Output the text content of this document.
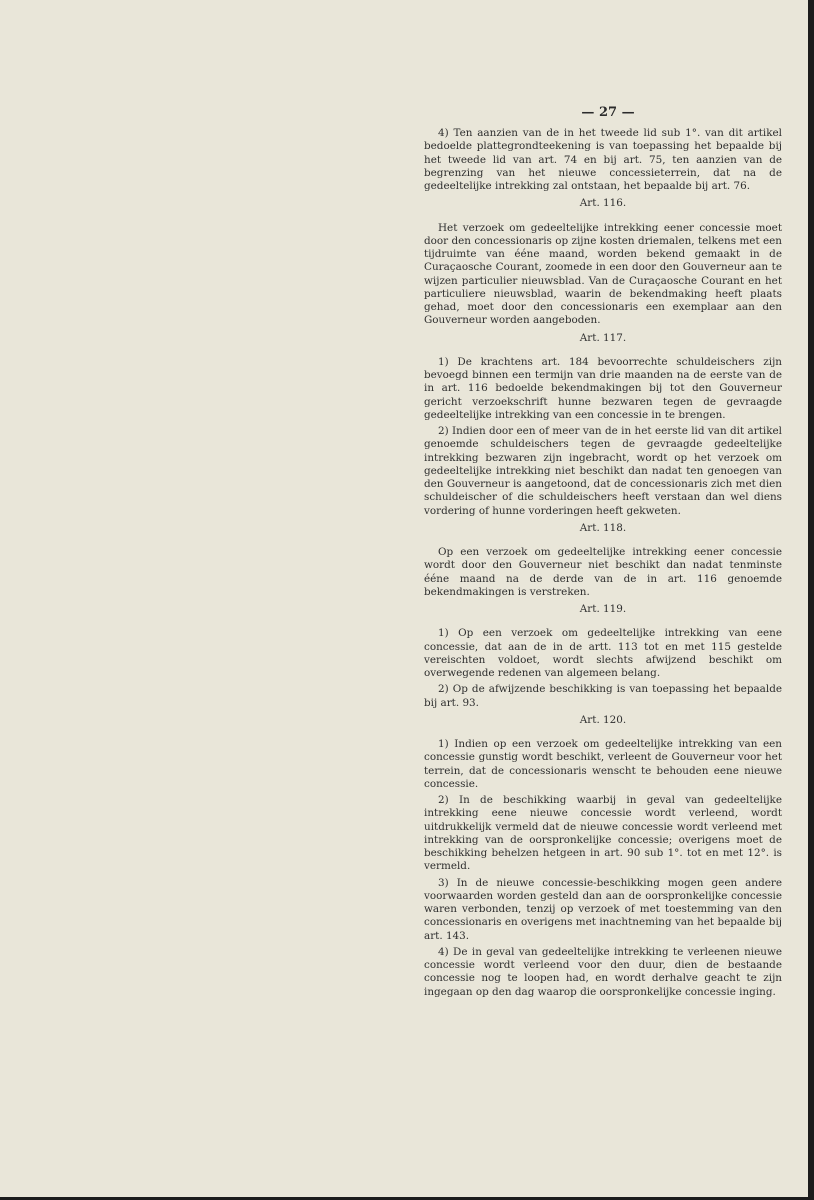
— 27 —

4) Ten aanzien van de in het tweede lid sub 1°. van dit artikel bedoelde plattegrondteekening is van toepassing het bepaalde bij het tweede lid van art. 74 en bij art. 75, ten aanzien van de begrenzing van het nieuwe concessieterrein, dat na de gedeeltelijke intrekking zal ontstaan, het bepaalde bij art. 76.

Art. 116.

Het verzoek om gedeeltelijke intrekking eener concessie moet door den concessionaris op zijne kosten driemalen, telkens met een tijdruimte van ééne maand, worden bekend gemaakt in de Curaçaosche Courant, zoomede in een door den Gouverneur aan te wijzen particulier nieuwsblad. Van de Curaçaosche Courant en het particuliere nieuwsblad, waarin de bekendmaking heeft plaats gehad, moet door den concessionaris een exemplaar aan den Gouverneur worden aangeboden.

Art. 117.

1) De krachtens art. 184 bevoorrechte schuldeischers zijn bevoegd binnen een termijn van drie maanden na de eerste van de in art. 116 bedoelde bekendmakingen bij tot den Gouverneur gericht verzoekschrift hunne bezwaren tegen de gevraagde gedeeltelijke intrekking van een concessie in te brengen.

2) Indien door een of meer van de in het eerste lid van dit artikel genoemde schuldeischers tegen de gevraagde gedeeltelijke intrekking bezwaren zijn ingebracht, wordt op het verzoek om gedeeltelijke intrekking niet beschikt dan nadat ten genoegen van den Gouverneur is aangetoond, dat de concessionaris zich met dien schuldeischer of die schuldeischers heeft verstaan dan wel diens vordering of hunne vorderingen heeft gekweten.

Art. 118.

Op een verzoek om gedeeltelijke intrekking eener concessie wordt door den Gouverneur niet beschikt dan nadat tenminste ééne maand na de derde van de in art. 116 genoemde bekendmakingen is verstreken.

Art. 119.

1) Op een verzoek om gedeeltelijke intrekking van eene concessie, dat aan de in de artt. 113 tot en met 115 gestelde vereischten voldoet, wordt slechts afwijzend beschikt om overwegende redenen van algemeen belang.

2) Op de afwijzende beschikking is van toepassing het bepaalde bij art. 93.

Art. 120.

1) Indien op een verzoek om gedeeltelijke intrekking van een concessie gunstig wordt beschikt, verleent de Gouverneur voor het terrein, dat de concessionaris wenscht te behouden eene nieuwe concessie.

2) In de beschikking waarbij in geval van gedeeltelijke intrekking eene nieuwe concessie wordt verleend, wordt uitdrukkelijk vermeld dat de nieuwe concessie wordt verleend met intrekking van de oorspronkelijke concessie; overigens moet de beschikking behelzen hetgeen in art. 90 sub 1°. tot en met 12°. is vermeld.

3) In de nieuwe concessie-beschikking mogen geen andere voorwaarden worden gesteld dan aan de oorspronkelijke concessie waren verbonden, tenzij op verzoek of met toestemming van den concessionaris en overigens met inachtneming van het bepaalde bij art. 143.

4) De in geval van gedeeltelijke intrekking te verleenen nieuwe concessie wordt verleend voor den duur, dien de bestaande concessie nog te loopen had, en wordt derhalve geacht te zijn ingegaan op den dag waarop die oorspronkelijke concessie inging.
